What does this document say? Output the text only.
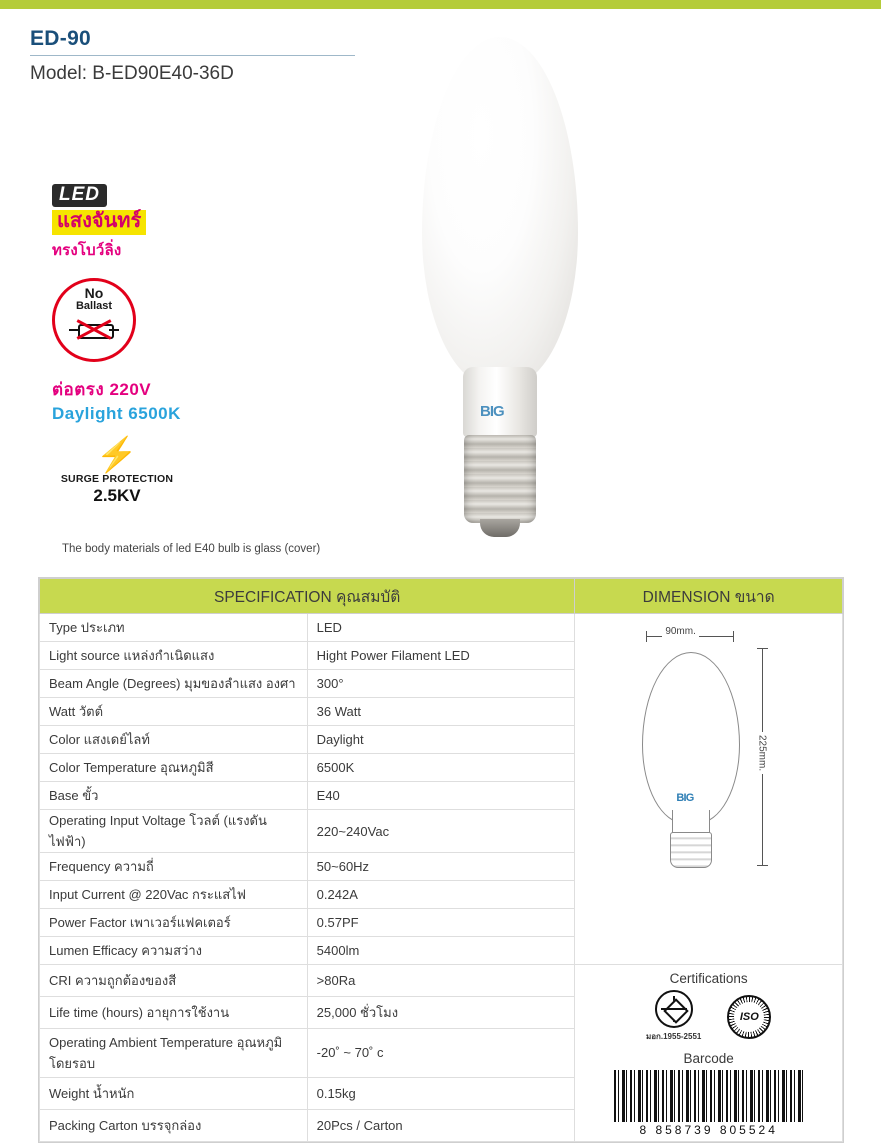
ED-90
Model: B-ED90E40-36D
LED
แสงจันทร์
ทรงโบว์ลิ่ง
No
Ballast
ต่อตรง 220V
Daylight 6500K
⚡
SURGE PROTECTION
2.5KV
BIG
The body materials of led E40 bulb is glass (cover)
SPECIFICATION คุณสมบัติ		DIMENSION ขนาด
Type ประเภท	LED	90mm.
BIG
225mm.

Light source แหล่งกำเนิดแสง	Hight Power Filament LED	
Beam Angle (Degrees) มุมของลำแสง องศา	300°	
Watt วัตต์	36 Watt	
Color แสงเดย์ไลท์	Daylight	
Color Temperature อุณหภูมิสี	6500K	
Base ขั้ว	E40	
Operating Input Voltage โวลต์ (แรงดันไฟฟ้า)	220~240Vac	
Frequency ความถี่	50~60Hz	
Input Current @ 220Vac กระแสไฟ	0.242A	
Power Factor เพาเวอร์แฟคเตอร์	0.57PF	
Lumen Efficacy ความสว่าง	5400lm	
CRI ความถูกต้องของสี	>80Ra	Certifications
มอก.1955-2551
ISO
Barcode
8 858739 805524

Life time (hours) อายุการใช้งาน	25,000 ชั่วโมง	
Operating Ambient Temperature อุณหภูมิโดยรอบ	-20˚ ~ 70˚ c	
Weight น้ำหนัก	0.15kg	
Packing Carton บรรจุกล่อง	20Pcs / Carton	
